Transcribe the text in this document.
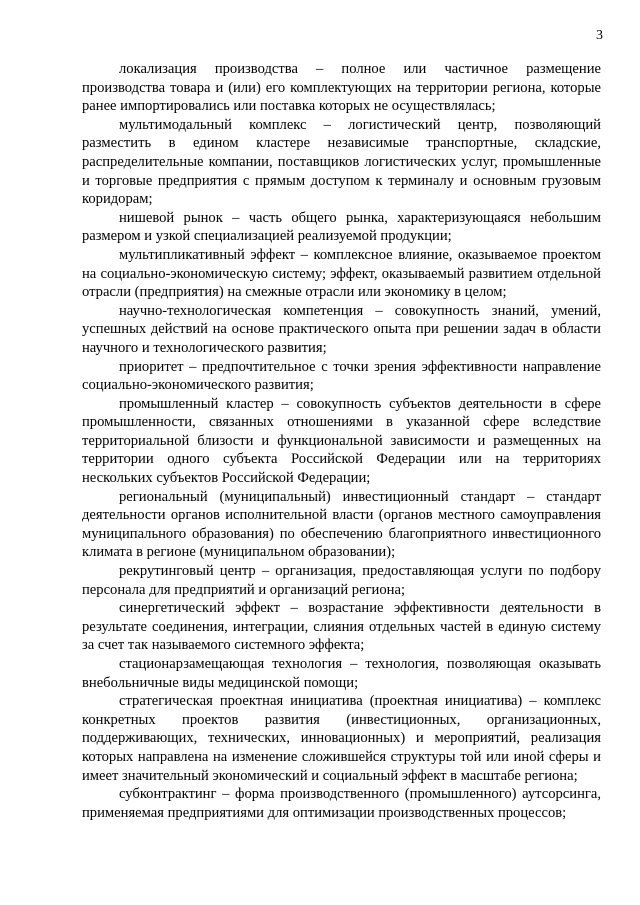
3

локализация производства – полное или частичное размещение производства товара и (или) его комплектующих на территории региона, которые ранее импортировались или поставка которых не осуществлялась;

мультимодальный комплекс – логистический центр, позволяющий разместить в едином кластере независимые транспортные, складские, распределительные компании, поставщиков логистических услуг, промышленные и торговые предприятия с прямым доступом к терминалу и основным грузовым коридорам;

нишевой рынок – часть общего рынка, характеризующаяся небольшим размером и узкой специализацией реализуемой продукции;

мультипликативный эффект – комплексное влияние, оказываемое проектом на социально-экономическую систему; эффект, оказываемый развитием отдельной отрасли (предприятия) на смежные отрасли или экономику в целом;

научно-технологическая компетенция – совокупность знаний, умений, успешных действий на основе практического опыта при решении задач в области научного и технологического развития;

приоритет – предпочтительное с точки зрения эффективности направление социально-экономического развития;

промышленный кластер – совокупность субъектов деятельности в сфере промышленности, связанных отношениями в указанной сфере вследствие территориальной близости и функциональной зависимости и размещенных на территории одного субъекта Российской Федерации или на территориях нескольких субъектов Российской Федерации;

региональный (муниципальный) инвестиционный стандарт – стандарт деятельности органов исполнительной власти (органов местного самоуправления муниципального образования) по обеспечению благоприятного инвестиционного климата в регионе (муниципальном образовании);

рекрутинговый центр – организация, предоставляющая услуги по подбору персонала для предприятий и организаций региона;

синергетический эффект – возрастание эффективности деятельности в результате соединения, интеграции, слияния отдельных частей в единую систему за счет так называемого системного эффекта;

стационарзамещающая технология – технология, позволяющая оказывать внебольничные виды медицинской помощи;

стратегическая проектная инициатива (проектная инициатива) – комплекс конкретных проектов развития (инвестиционных, организационных, поддерживающих, технических, инновационных) и мероприятий, реализация которых направлена на изменение сложившейся структуры той или иной сферы и имеет значительный экономический и социальный эффект в масштабе региона;

субконтрактинг – форма производственного (промышленного) аутсорсинга, применяемая предприятиями для оптимизации производственных процессов;
